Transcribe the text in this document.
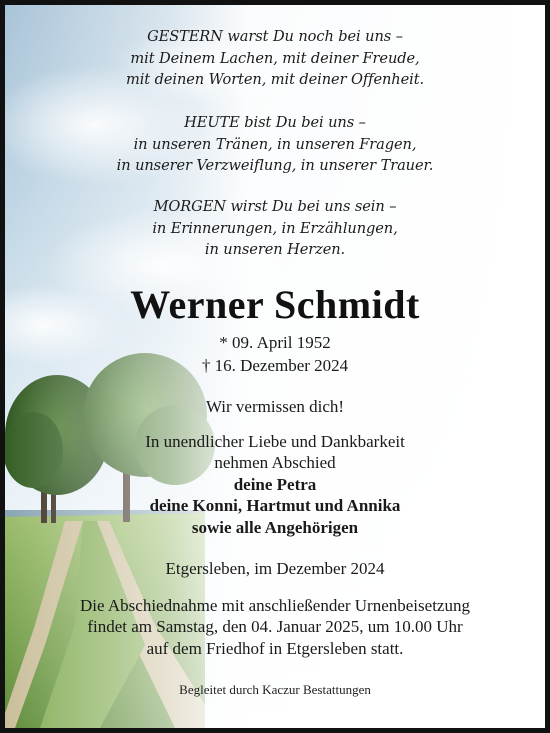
GESTERN warst Du noch bei uns –
mit Deinem Lachen, mit deiner Freude,
mit deinen Worten, mit deiner Offenheit.

HEUTE bist Du bei uns –
in unseren Tränen, in unseren Fragen,
in unserer Verzweiflung, in unserer Trauer.

MORGEN wirst Du bei uns sein –
in Erinnerungen, in Erzählungen,
in unseren Herzen.

Werner Schmidt
* 09. April 1952
† 16. Dezember 2024
Wir vermissen dich!
In unendlicher Liebe und Dankbarkeit
nehmen Abschied
deine Petra
deine Konni, Hartmut und Annika
sowie alle Angehörigen
Etgersleben, im Dezember 2024
Die Abschiednahme mit anschließender Urnenbeisetzung
findet am Samstag, den 04. Januar 2025, um 10.00 Uhr
auf dem Friedhof in Etgersleben statt.
Begleitet durch Kaczur Bestattungen
